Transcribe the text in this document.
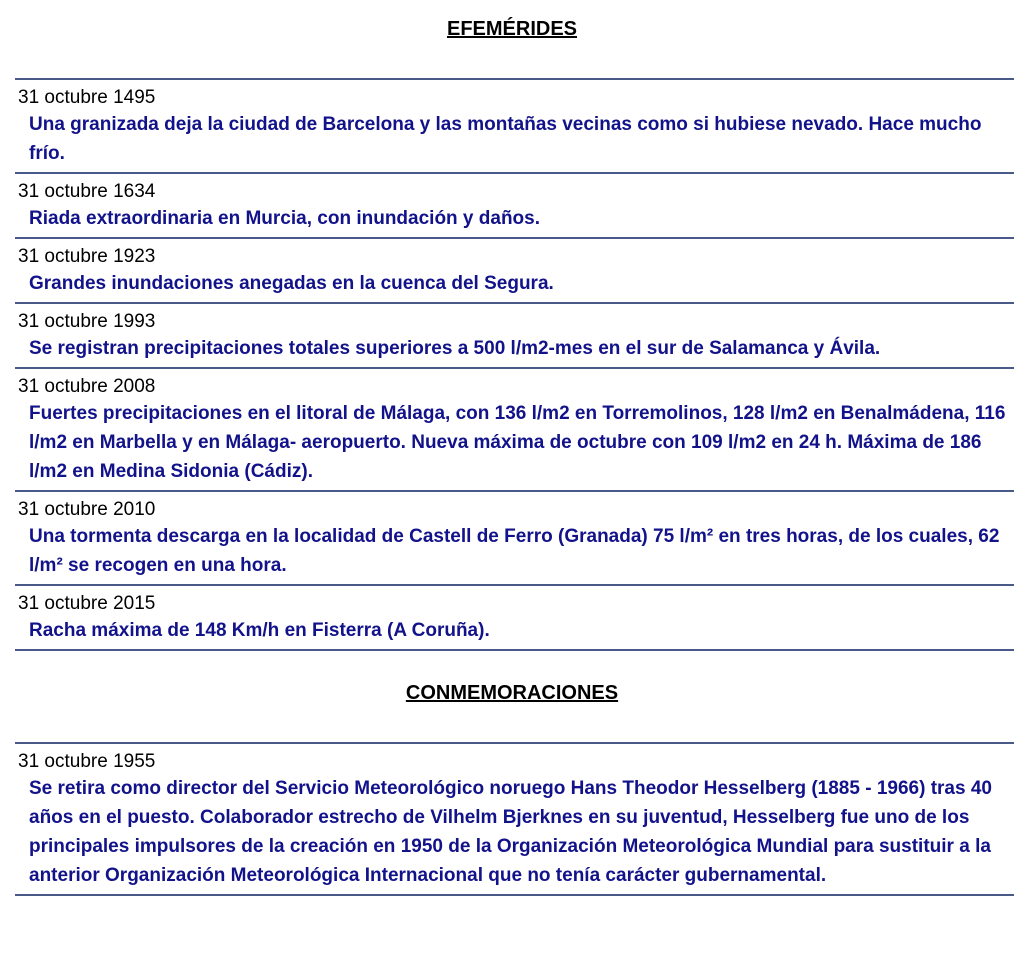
EFEMÉRIDES
31 octubre 1495
Una granizada deja la ciudad de Barcelona y las montañas vecinas como si hubiese nevado. Hace mucho frío.
31 octubre 1634
Riada extraordinaria en Murcia, con inundación y daños.
31 octubre 1923
Grandes inundaciones anegadas en la cuenca del Segura.
31 octubre 1993
Se registran precipitaciones totales superiores a 500 l/m2-mes en el sur de Salamanca y Ávila.
31 octubre 2008
Fuertes precipitaciones en el litoral de Málaga, con 136 l/m2 en Torremolinos, 128 l/m2 en Benalmádena, 116 l/m2 en Marbella y en Málaga- aeropuerto. Nueva máxima de octubre con 109 l/m2 en 24 h. Máxima de 186 l/m2 en Medina Sidonia (Cádiz).
31 octubre 2010
Una tormenta descarga en la localidad de Castell de Ferro (Granada) 75 l/m² en tres horas, de los cuales, 62 l/m² se recogen en una hora.
31 octubre 2015
Racha máxima de 148 Km/h en Fisterra (A Coruña).
CONMEMORACIONES
31 octubre 1955
Se retira como director del Servicio Meteorológico noruego Hans Theodor Hesselberg (1885 - 1966) tras 40 años en el puesto. Colaborador estrecho de Vilhelm Bjerknes en su juventud, Hesselberg fue uno de los principales impulsores de la creación en 1950 de la Organización Meteorológica Mundial para sustituir a la anterior Organización Meteorológica Internacional que no tenía carácter gubernamental.
